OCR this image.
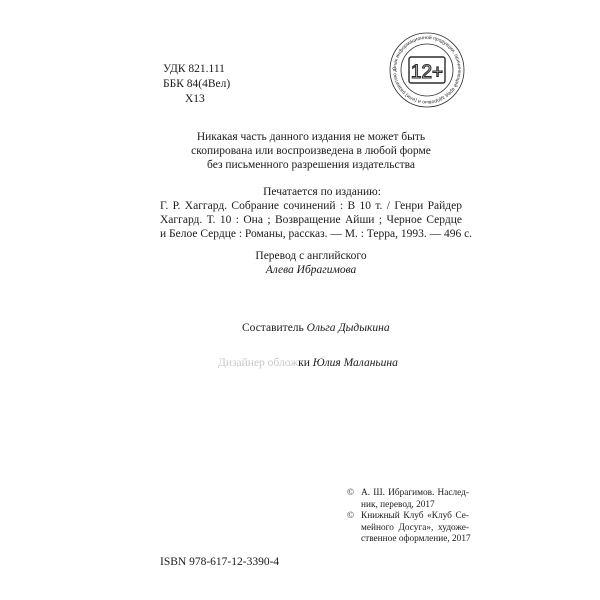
УДК 821.111
ББК 84(4Вел)
Х13
Знак информационной продукции, причиняющей вред здоровью и (или) развитию д 12+
Никакая часть данного издания не может быть
скопирована или воспроизведена в любой форме
без письменного разрешения издательства
Печатается по изданию:
Г. Р. Хаггард. Собрание сочинений : В 10 т. / Генри Райдер
Хаггард. Т. 10 : Она ; Возвращение Айши ; Черное Сердце
и Белое Сердце : Романы, рассказ. — М. : Терра, 1993. — 496 с.
Перевод с английского
Алева Ибрагимова
Составитель Ольга Дыдыкина
Дизайнер обложки Юлия Маланьина
ISBN 978-617-12-3390-4
© А. Ш. Ибрагимов. Наслед-
ник, перевод, 2017
© Книжный Клуб «Клуб Се-
мейного Досуга», художе-
ственное оформление, 2017
